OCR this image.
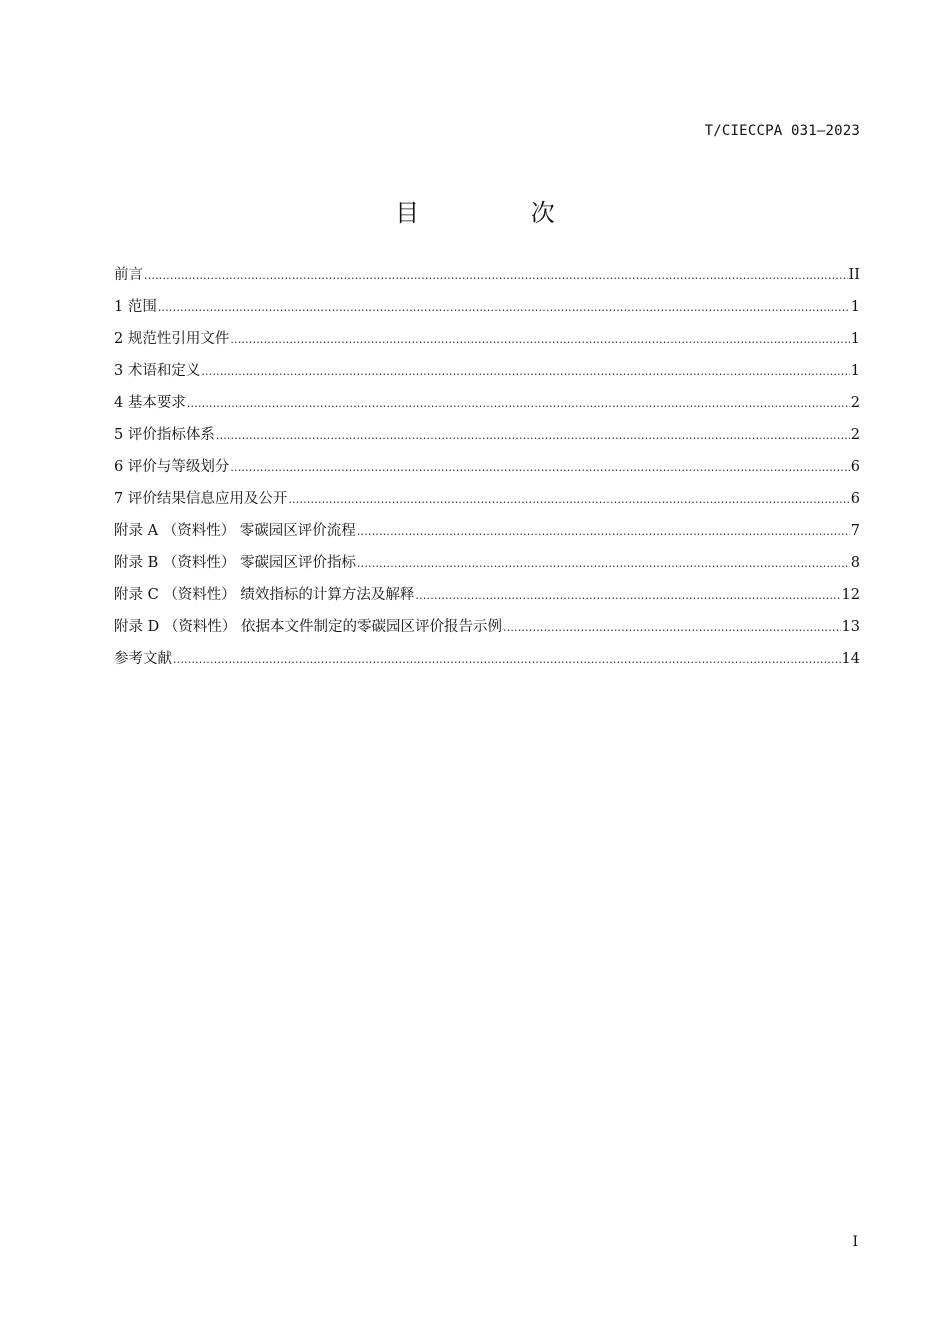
T/CIECCPA 031—2023
目 次
前言 .....	II
1 范围 .....	1
2 规范性引用文件 .....	1
3 术语和定义 .....	1
4 基本要求 .....	2
5 评价指标体系 .....	2
6 评价与等级划分 .....	6
7 评价结果信息应用及公开 .....	6
附录 A （资料性） 零碳园区评价流程 .....	7
附录 B （资料性） 零碳园区评价指标 .....	8
附录 C （资料性） 绩效指标的计算方法及解释 .....	12
附录 D （资料性） 依据本文件制定的零碳园区评价报告示例 .....	13
参考文献 .....	14
I
